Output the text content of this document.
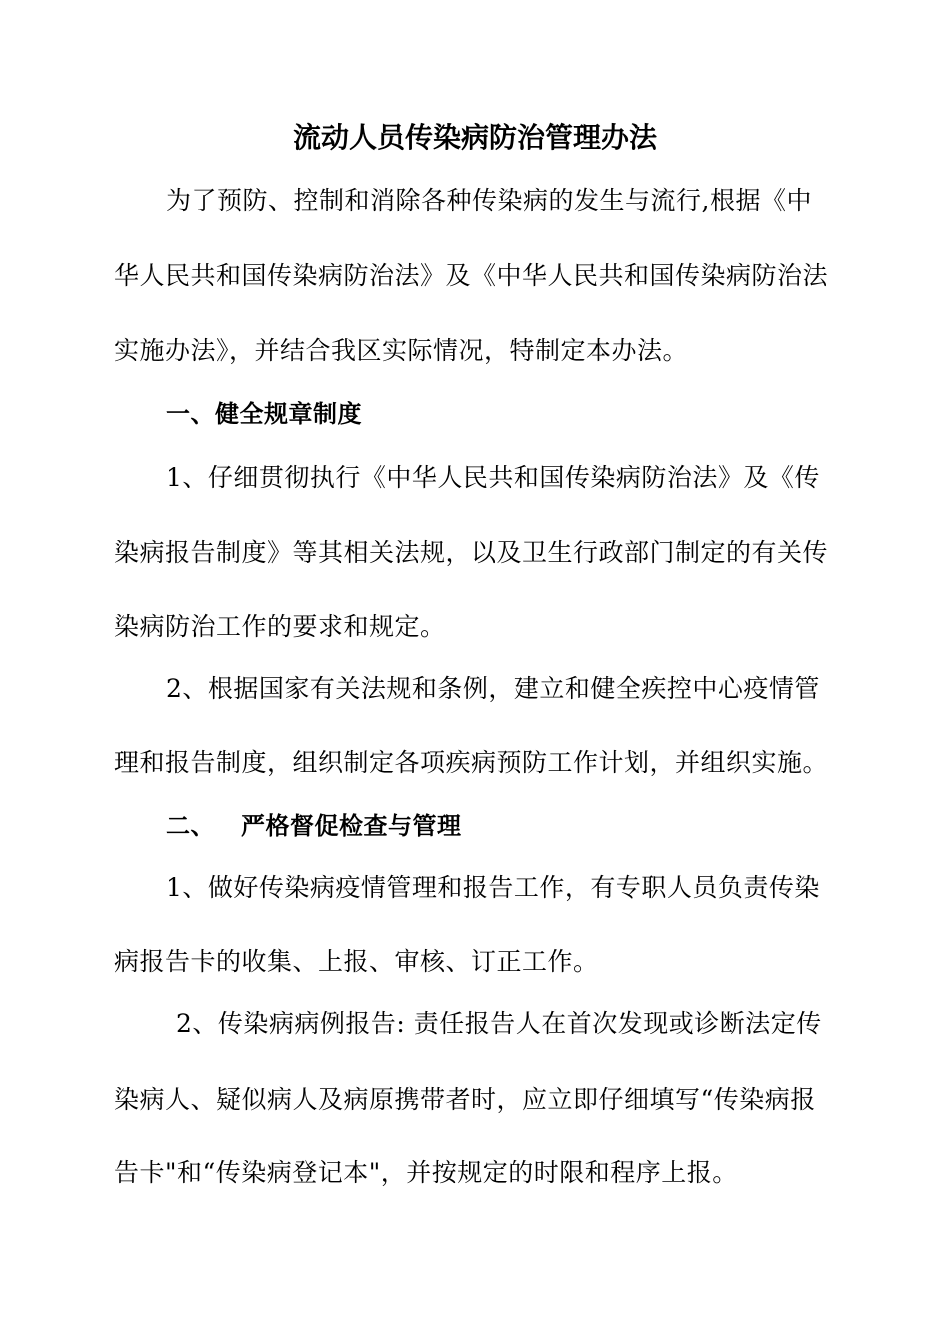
流动人员传染病防治管理办法
为了预防、控制和消除各种传染病的发生与流行,根据《中
华人民共和国传染病防治法》及《中华人民共和国传染病防治法
实施办法》，并结合我区实际情况，特制定本办法。
一、健全规章制度
1、仔细贯彻执行《中华人民共和国传染病防治法》及《传
染病报告制度》等其相关法规，以及卫生行政部门制定的有关传
染病防治工作的要求和规定。
2、根据国家有关法规和条例，建立和健全疾控中心疫情管
理和报告制度，组织制定各项疾病预防工作计划，并组织实施。
二、 严格督促检查与管理
1、做好传染病疫情管理和报告工作，有专职人员负责传染
病报告卡的收集、上报、审核、订正工作。
2、传染病病例报告: 责任报告人在首次发现或诊断法定传
染病人、疑似病人及病原携带者时，应立即仔细填写“传染病报
告卡"和“传染病登记本"，并按规定的时限和程序上报。
